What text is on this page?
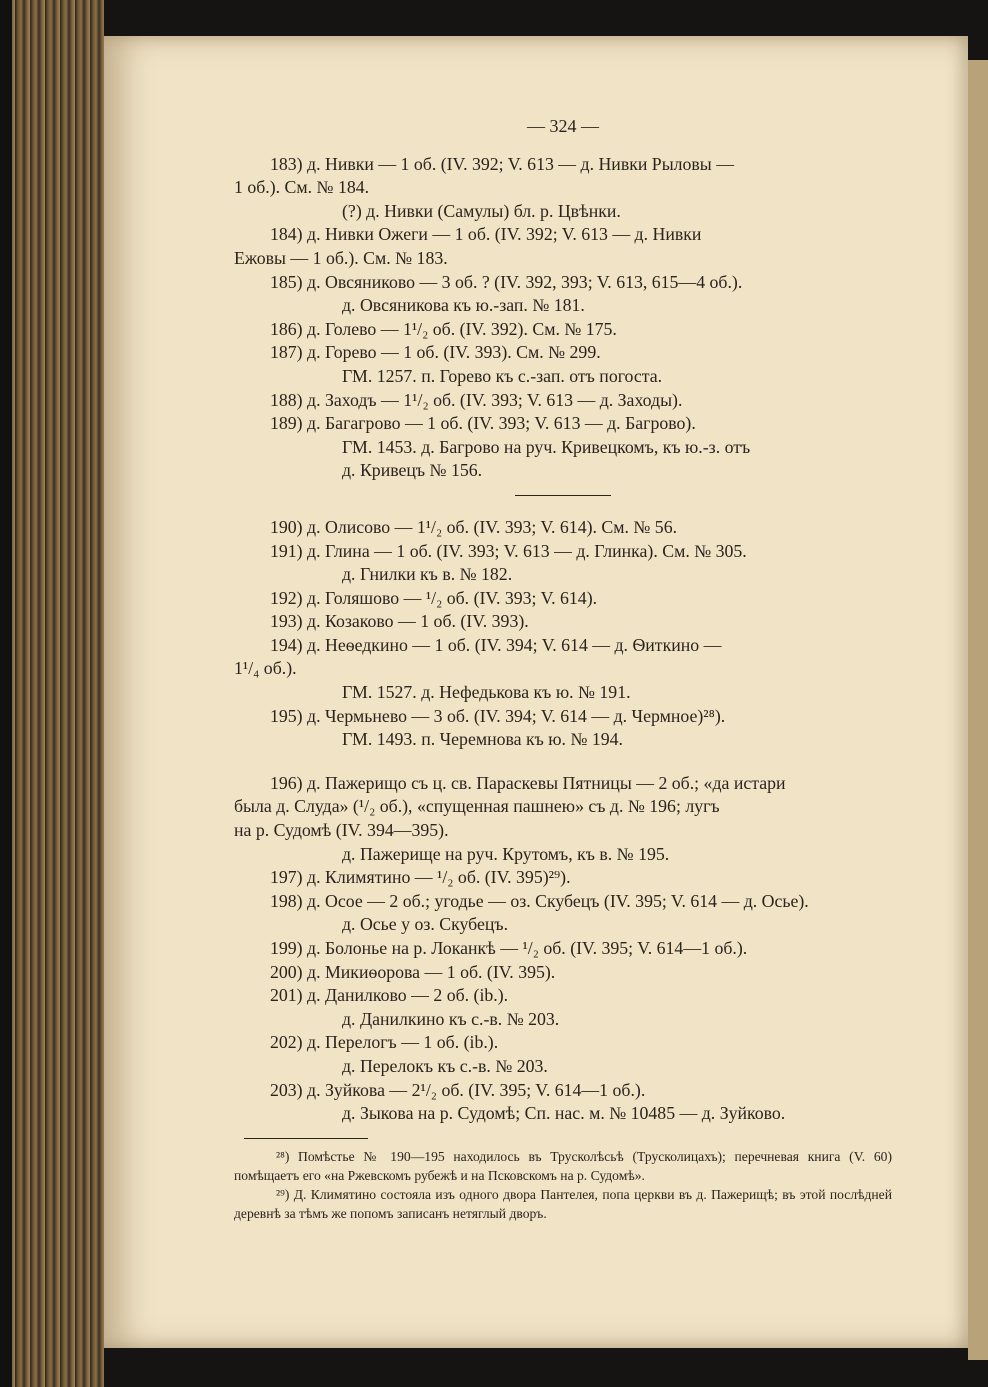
— 324 —
183) д. Нивки — 1 об. (IV. 392; V. 613 — д. Нивки Рыловы —
1 об.). См. № 184.
(?) д. Нивки (Самулы) бл. р. Цвѣнки.
184) д. Нивки Ожеги — 1 об. (IV. 392; V. 613 — д. Нивки
Ежовы — 1 об.). См. № 183.
185) д. Овсяниково — 3 об. ? (IV. 392, 393; V. 613, 615—4 об.).
д. Овсяникова къ ю.-зап. № 181.
186) д. Голево — 1¹/₂ об. (IV. 392). См. № 175.
187) д. Горево — 1 об. (IV. 393). См. № 299.
ГМ. 1257. п. Горево къ с.-зап. отъ погоста.
188) д. Заходъ — 1¹/₂ об. (IV. 393; V. 613 — д. Заходы).
189) д. Багагрово — 1 об. (IV. 393; V. 613 — д. Багрово).
ГМ. 1453. д. Багрово на руч. Кривецкомъ, къ ю.-з. отъ
д. Кривецъ № 156.
190) д. Олисово — 1¹/₂ об. (IV. 393; V. 614). См. № 56.
191) д. Глина — 1 об. (IV. 393; V. 613 — д. Глинка). См. № 305.
д. Гнилки къ в. № 182.
192) д. Голяшово — ¹/₂ об. (IV. 393; V. 614).
193) д. Козаково — 1 об. (IV. 393).
194) д. Неѳедкино — 1 об. (IV. 394; V. 614 — д. Ѳиткино —
1¹/₄ об.).
ГМ. 1527. д. Нефедькова къ ю. № 191.
195) д. Чермьнево — 3 об. (IV. 394; V. 614 — д. Чермное)²⁸).
ГМ. 1493. п. Черемнова къ ю. № 194.
196) д. Пажерищо съ ц. св. Параскевы Пятницы — 2 об.; «да истари
была д. Слуда» (¹/₂ об.), «спущенная пашнею» съ д. № 196; лугъ
на р. Судомѣ (IV. 394—395).
д. Пажерище на руч. Крутомъ, къ в. № 195.
197) д. Климятино — ¹/₂ об. (IV. 395)²⁹).
198) д. Осое — 2 об.; угодье — оз. Скубецъ (IV. 395; V. 614 — д. Осье).
д. Осье у оз. Скубецъ.
199) д. Болонье на р. Локанкѣ — ¹/₂ об. (IV. 395; V. 614—1 об.).
200) д. Микиѳорова — 1 об. (IV. 395).
201) д. Данилково — 2 об. (ib.).
д. Данилкино къ с.-в. № 203.
202) д. Перелогъ — 1 об. (ib.).
д. Перелокъ къ с.-в. № 203.
203) д. Зуйкова — 2¹/₂ об. (IV. 395; V. 614—1 об.).
д. Зыкова на р. Судомѣ; Сп. нас. м. № 10485 — д. Зуйково.
²⁸) Помѣстье № 190—195 находилось въ Трусколѣсьѣ (Трусколицахъ); перечневая книга (V. 60) помѣщаетъ его «на Ржевскомъ рубежѣ и на Псковскомъ на р. Судомѣ».
²⁹) Д. Климятино состояла изъ одного двора Пантелея, попа церкви въ д. Пажерищѣ; въ этой послѣдней деревнѣ за тѣмъ же попомъ записанъ нетяглый дворъ.
